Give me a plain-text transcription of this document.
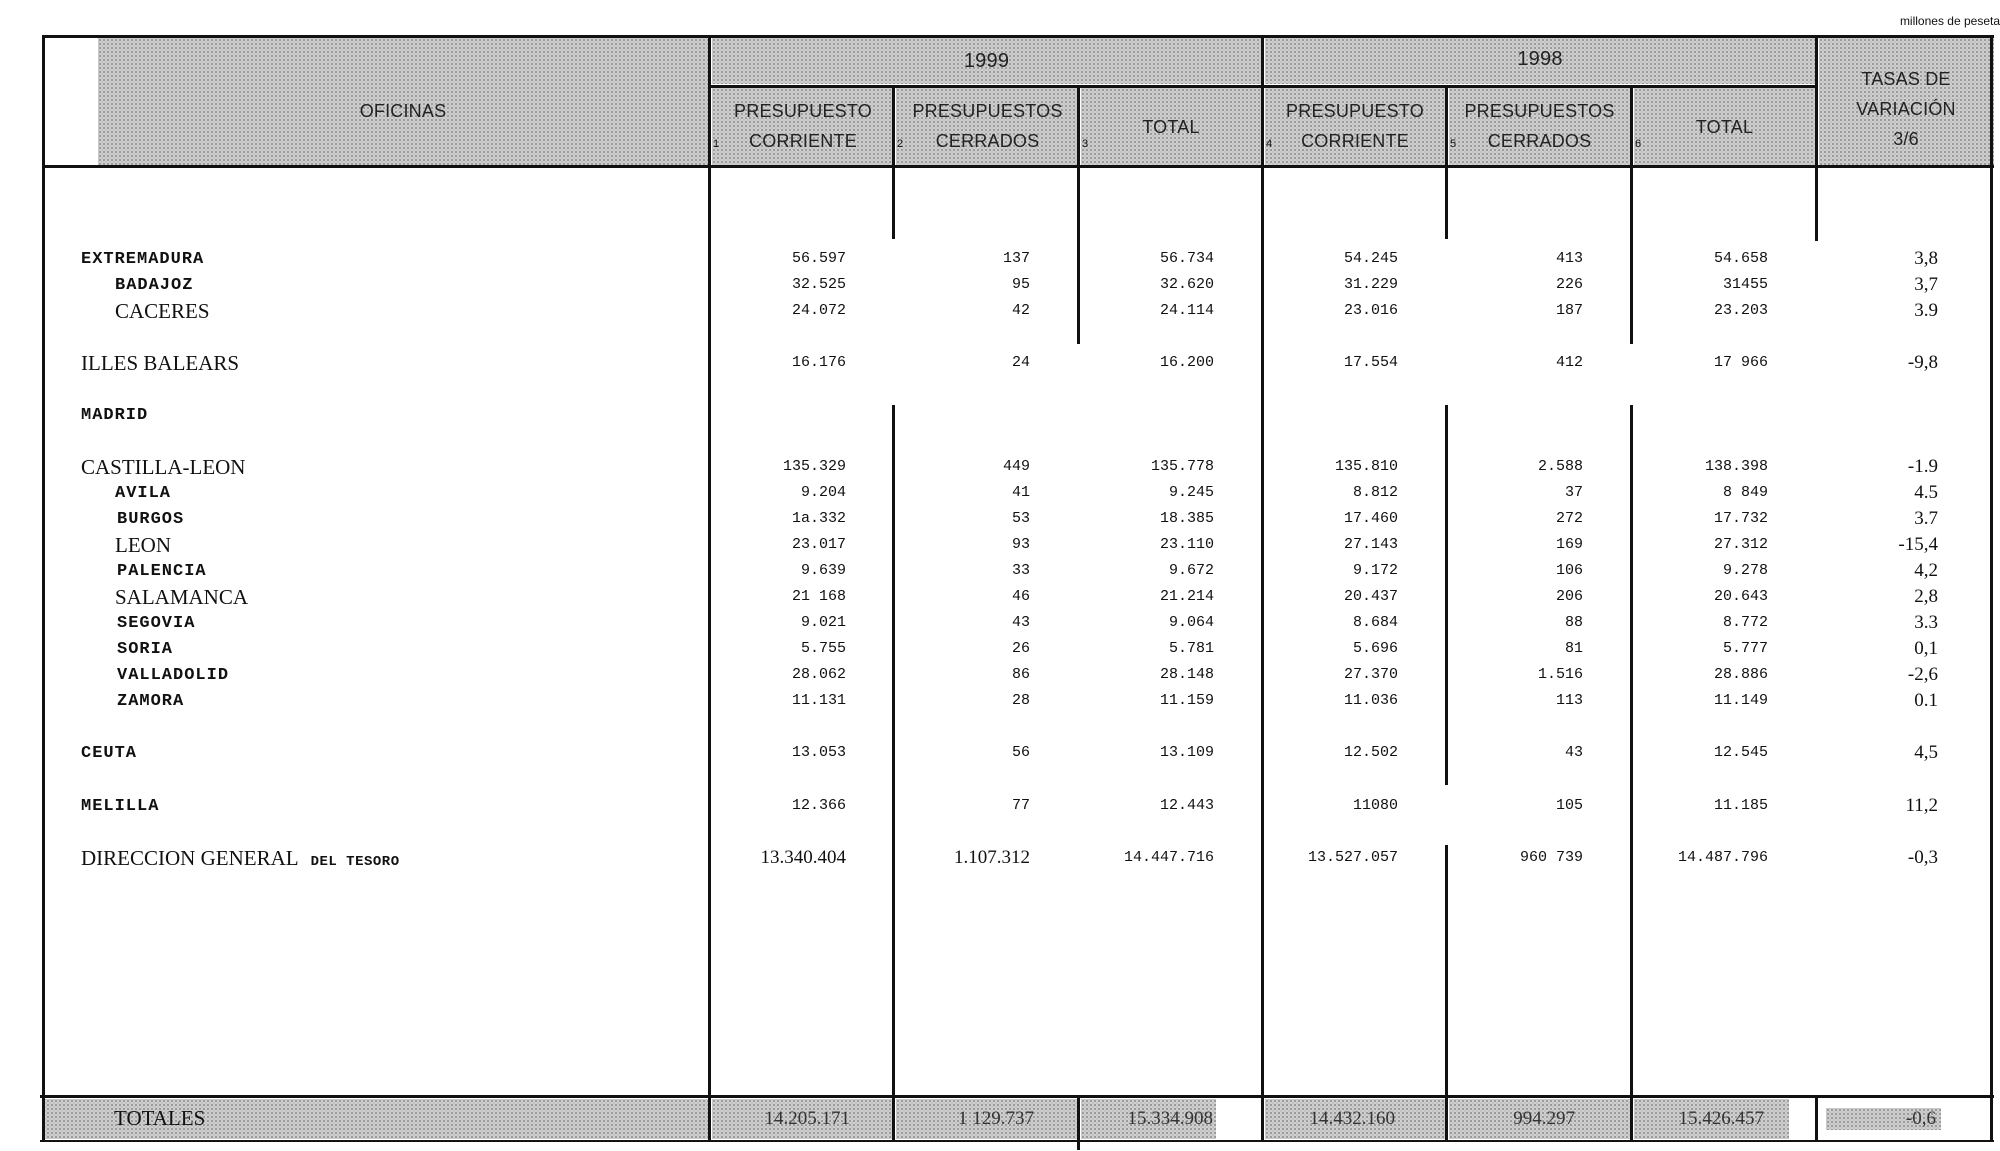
millones de peseta
OFICINAS
1999	1998
PRESUPUESTO CORRIENTE
PRESUPUESTOS CERRADOS
TOTAL
PRESUPUESTO CORRIENTE
PRESUPUESTOS CERRADOS
TOTAL
TASAS DE VARIACIÓN 3/6
1	2	3	4	5	6
EXTREMADURA	56.597	137	56.734	54.245	413	54.658	3,8
BADAJOZ	32.525	95	32.620	31.229	226	31455	3,7
CACERES	24.072	42	24.114	23.016	187	23.203	3.9
ILLES BALEARS	16.176	24	16.200	17.554	412	17 966	-9,8
MADRID
CASTILLA-LEON	135.329	449	135.778	135.810	2.588	138.398	-1.9
AVILA	9.204	41	9.245	8.812	37	8 849	4.5
BURGOS	1a.332	53	18.385	17.460	272	17.732	3.7
LEON	23.017	93	23.110	27.143	169	27.312	-15,4
PALENCIA	9.639	33	9.672	9.172	106	9.278	4,2
SALAMANCA	21 168	46	21.214	20.437	206	20.643	2,8
SEGOVIA	9.021	43	9.064	8.684	88	8.772	3.3
SORIA	5.755	26	5.781	5.696	81	5.777	0,1
VALLADOLID	28.062	86	28.148	27.370	1.516	28.886	-2,6
ZAMORA	11.131	28	11.159	11.036	113	11.149	0.1
CEUTA	13.053	56	13.109	12.502	43	12.545	4,5
MELILLA	12.366	77	12.443	11080	105	11.185	11,2
DIRECCION GENERAL DEL TESORO	13.340.404	1.107.312	14.447.716	13.527.057	960 739	14.487.796	-0,3
TOTALES	14.205.171	1 129.737	15.334.908	14.432.160	994.297	15.426.457	-0,6
